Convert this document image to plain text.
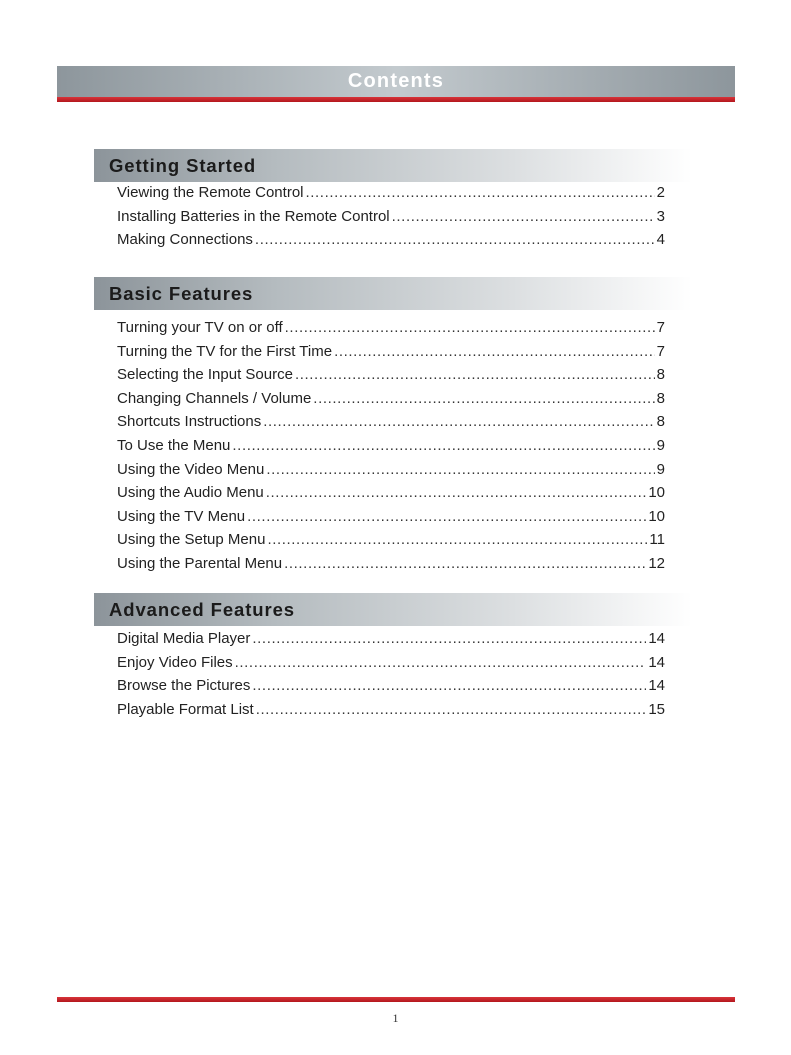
Contents
Getting Started
Viewing the Remote Control .....	2
Installing Batteries in the Remote Control .....	3
Making Connections .....	4
Basic Features
Turning your TV on or off .....	7
Turning the TV for the First Time .....	7
Selecting the Input Source .....	8
Changing Channels / Volume .....	8
Shortcuts Instructions .....	8
To Use the Menu .....	9
Using the Video Menu .....	9
Using the Audio Menu .....	10
Using the TV Menu .....	10
Using the Setup Menu .....	11
Using the Parental Menu .....	12
Advanced Features
Digital Media Player .....	14
Enjoy Video Files .....	14
Browse the Pictures .....	14
Playable Format List .....	15
1
